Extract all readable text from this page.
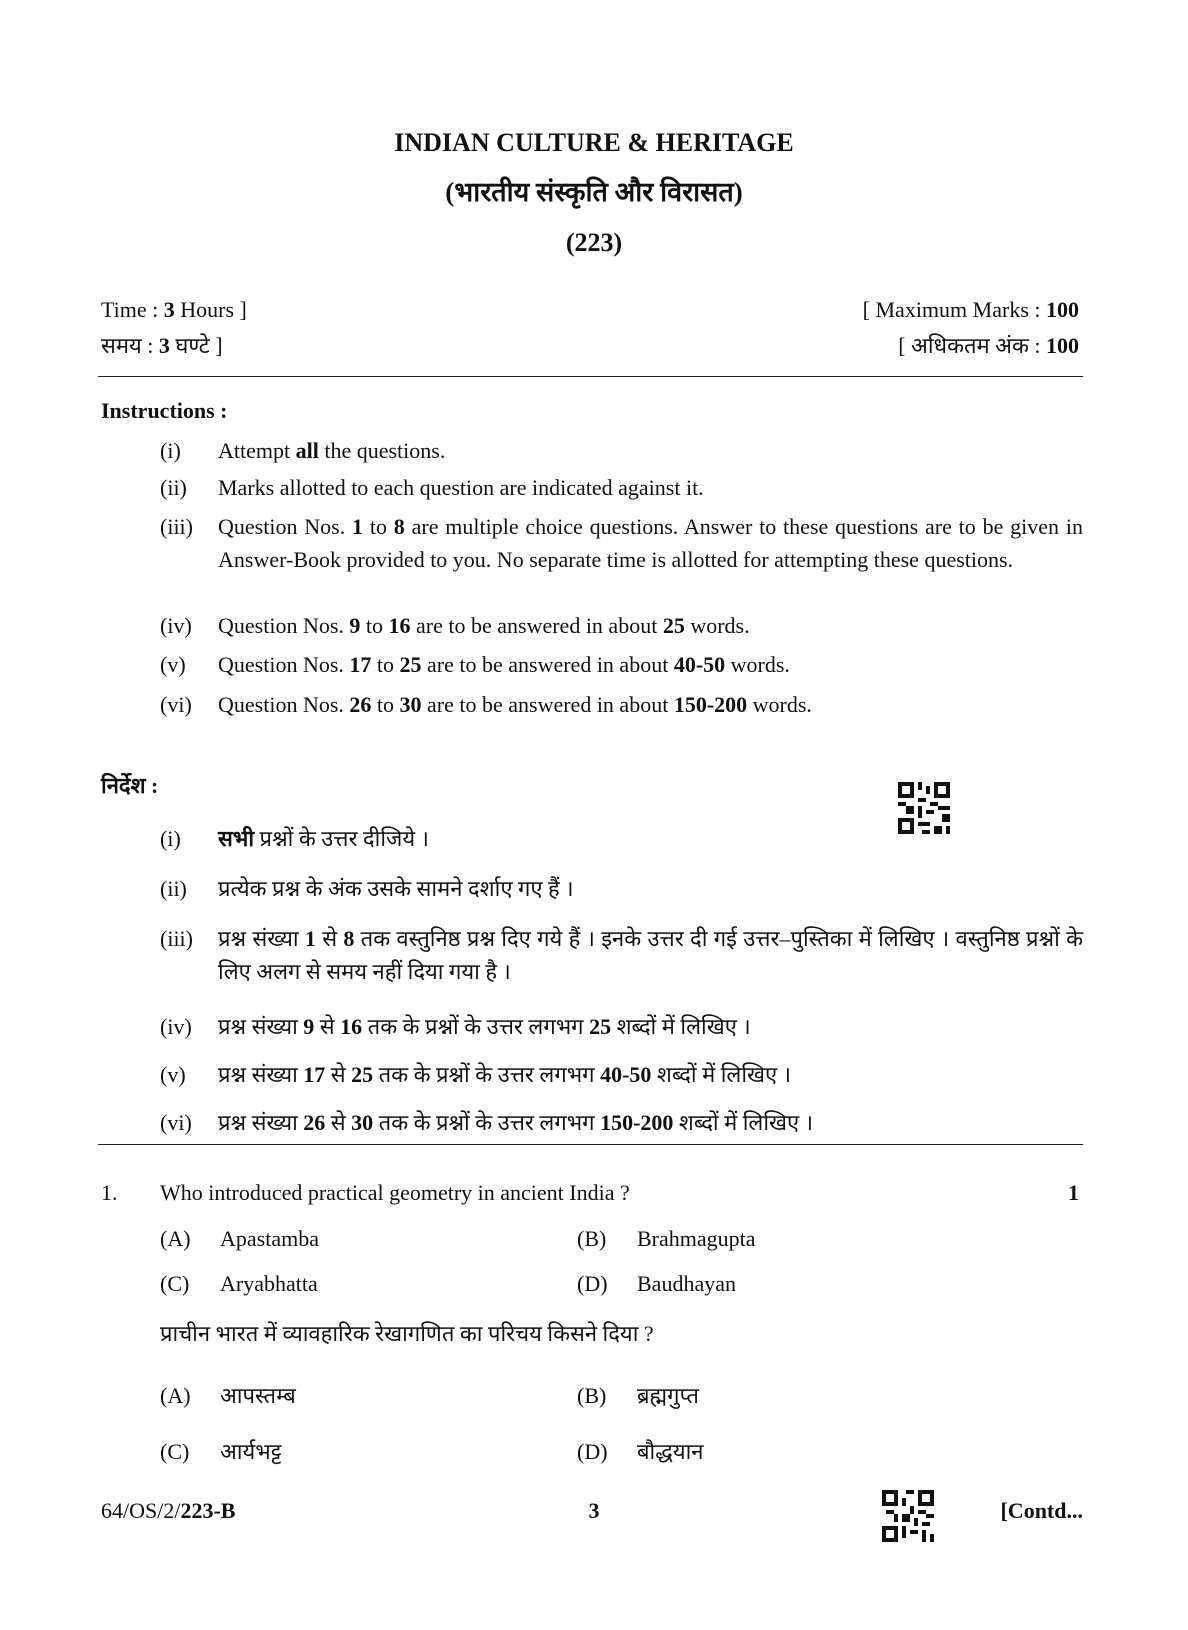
INDIAN CULTURE & HERITAGE
(भारतीय संस्कृति और विरासत)
(223)
Time : 3 Hours ]
समय : 3 घण्टे ]
[ Maximum Marks : 100
[ अधिकतम अंक : 100
Instructions :
(i) Attempt all the questions.
(ii) Marks allotted to each question are indicated against it.
(iii) Question Nos. 1 to 8 are multiple choice questions. Answer to these questions are to be given in Answer-Book provided to you. No separate time is allotted for attempting these questions.
(iv) Question Nos. 9 to 16 are to be answered in about 25 words.
(v) Question Nos. 17 to 25 are to be answered in about 40-50 words.
(vi) Question Nos. 26 to 30 are to be answered in about 150-200 words.
निर्देश :
(i) सभी प्रश्नों के उत्तर दीजिये ।
(ii) प्रत्येक प्रश्न के अंक उसके सामने दर्शाए गए हैं ।
(iii) प्रश्न संख्या 1 से 8 तक वस्तुनिष्ठ प्रश्न दिए गये हैं । इनके उत्तर दी गई उत्तर–पुस्तिका में लिखिए । वस्तुनिष्ठ प्रश्नों के लिए अलग से समय नहीं दिया गया है ।
(iv) प्रश्न संख्या 9 से 16 तक के प्रश्नों के उत्तर लगभग 25 शब्दों में लिखिए ।
(v) प्रश्न संख्या 17 से 25 तक के प्रश्नों के उत्तर लगभग 40-50 शब्दों में लिखिए ।
(vi) प्रश्न संख्या 26 से 30 तक के प्रश्नों के उत्तर लगभग 150-200 शब्दों में लिखिए ।
1. Who introduced practical geometry in ancient India ?	1
(A) Apastamba	(B) Brahmagupta
(C) Aryabhatta	(D) Baudhayan
प्राचीन भारत में व्यावहारिक रेखागणित का परिचय किसने दिया ?
(A) आपस्तम्ब	(B) ब्रह्मगुप्त
(C) आर्यभट्ट	(D) बौद्धयान
64/OS/2/223-B	3	[Contd...
